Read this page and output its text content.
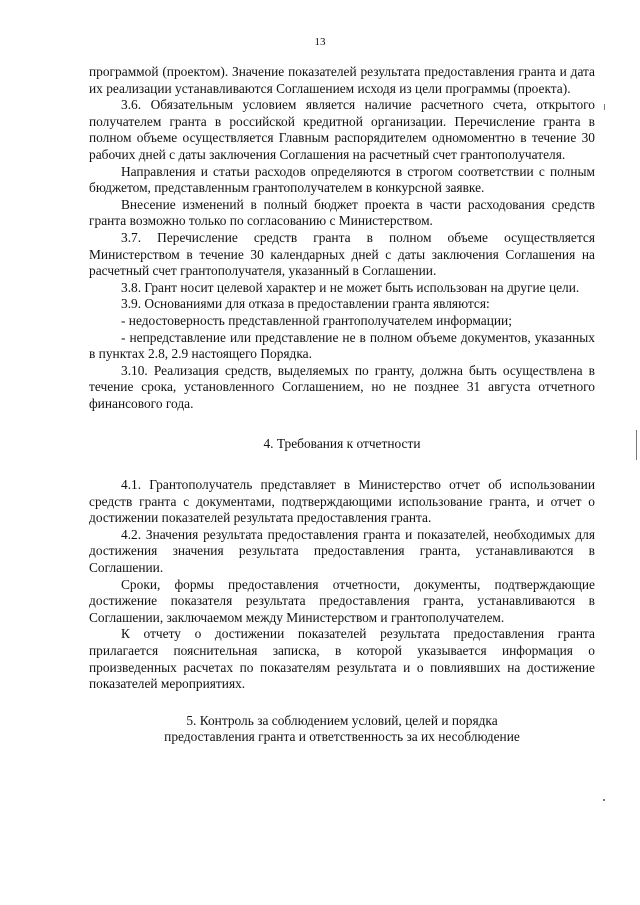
13

программой (проектом). Значение показателей результата предоставления гранта и дата их реализации устанавливаются Соглашением исходя из цели программы (проекта).

3.6. Обязательным условием является наличие расчетного счета, открытого получателем гранта в российской кредитной организации. Перечисление гранта в полном объеме осуществляется Главным распорядителем одномоментно в течение 30 рабочих дней с даты заключения Соглашения на расчетный счет грантополучателя.

Направления и статьи расходов определяются в строгом соответствии с полным бюджетом, представленным грантополучателем в конкурсной заявке.

Внесение изменений в полный бюджет проекта в части расходования средств гранта возможно только по согласованию с Министерством.

3.7. Перечисление средств гранта в полном объеме осуществляется Министерством в течение 30 календарных дней с даты заключения Соглашения на расчетный счет грантополучателя, указанный в Соглашении.

3.8. Грант носит целевой характер и не может быть использован на другие цели.

3.9. Основаниями для отказа в предоставлении гранта являются:

- недостоверность представленной грантополучателем информации;

- непредставление или представление не в полном объеме документов, указанных в пунктах 2.8, 2.9 настоящего Порядка.

3.10. Реализация средств, выделяемых по гранту, должна быть осуществлена в течение срока, установленного Соглашением, но не позднее 31 августа отчетного финансового года.

4. Требования к отчетности

4.1. Грантополучатель представляет в Министерство отчет об использовании средств гранта с документами, подтверждающими использование гранта, и отчет о достижении показателей результата предоставления гранта.

4.2. Значения результата предоставления гранта и показателей, необходимых для достижения значения результата предоставления гранта, устанавливаются в Соглашении.

Сроки, формы предоставления отчетности, документы, подтверждающие достижение показателя результата предоставления гранта, устанавливаются в Соглашении, заключаемом между Министерством и грантополучателем.

К отчету о достижении показателей результата предоставления гранта прилагается пояснительная записка, в которой указывается информация о произведенных расчетах по показателям результата и о повлиявших на достижение показателей мероприятиях.

5. Контроль за соблюдением условий, целей и порядка

предоставления гранта и ответственность за их несоблюдение
